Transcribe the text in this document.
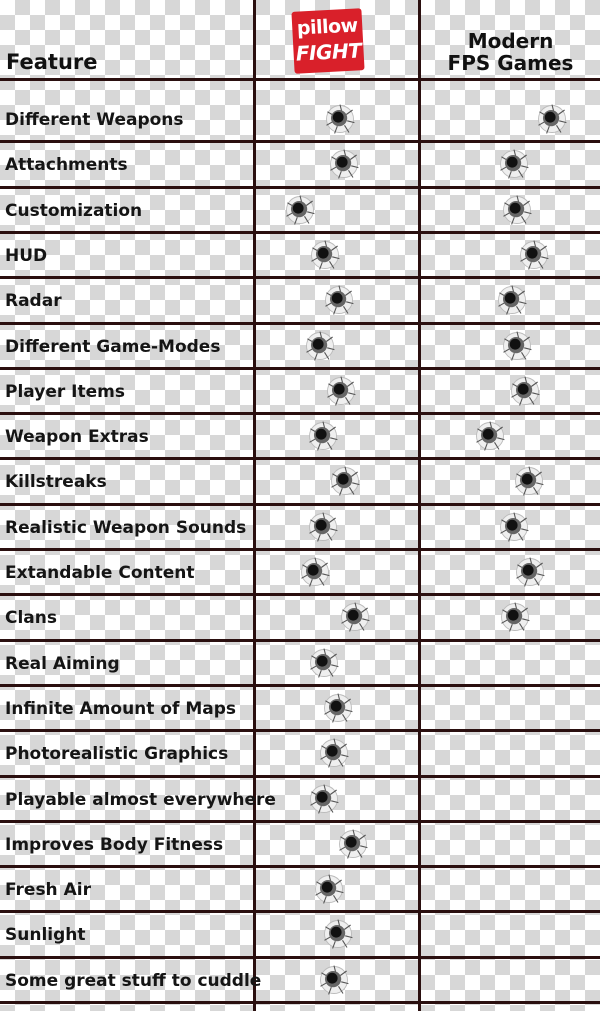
Feature
pillow
FIGHT	Modern
FPS Games
Different Weapons
Attachments
Customization
HUD
Radar
Different Game-Modes
Player Items
Weapon Extras
Killstreaks
Realistic Weapon Sounds
Extandable Content
Clans
Real Aiming
Infinite Amount of Maps
Photorealistic Graphics
Playable almost everywhere
Improves Body Fitness
Fresh Air
Sunlight
Some great stuff to cuddle
